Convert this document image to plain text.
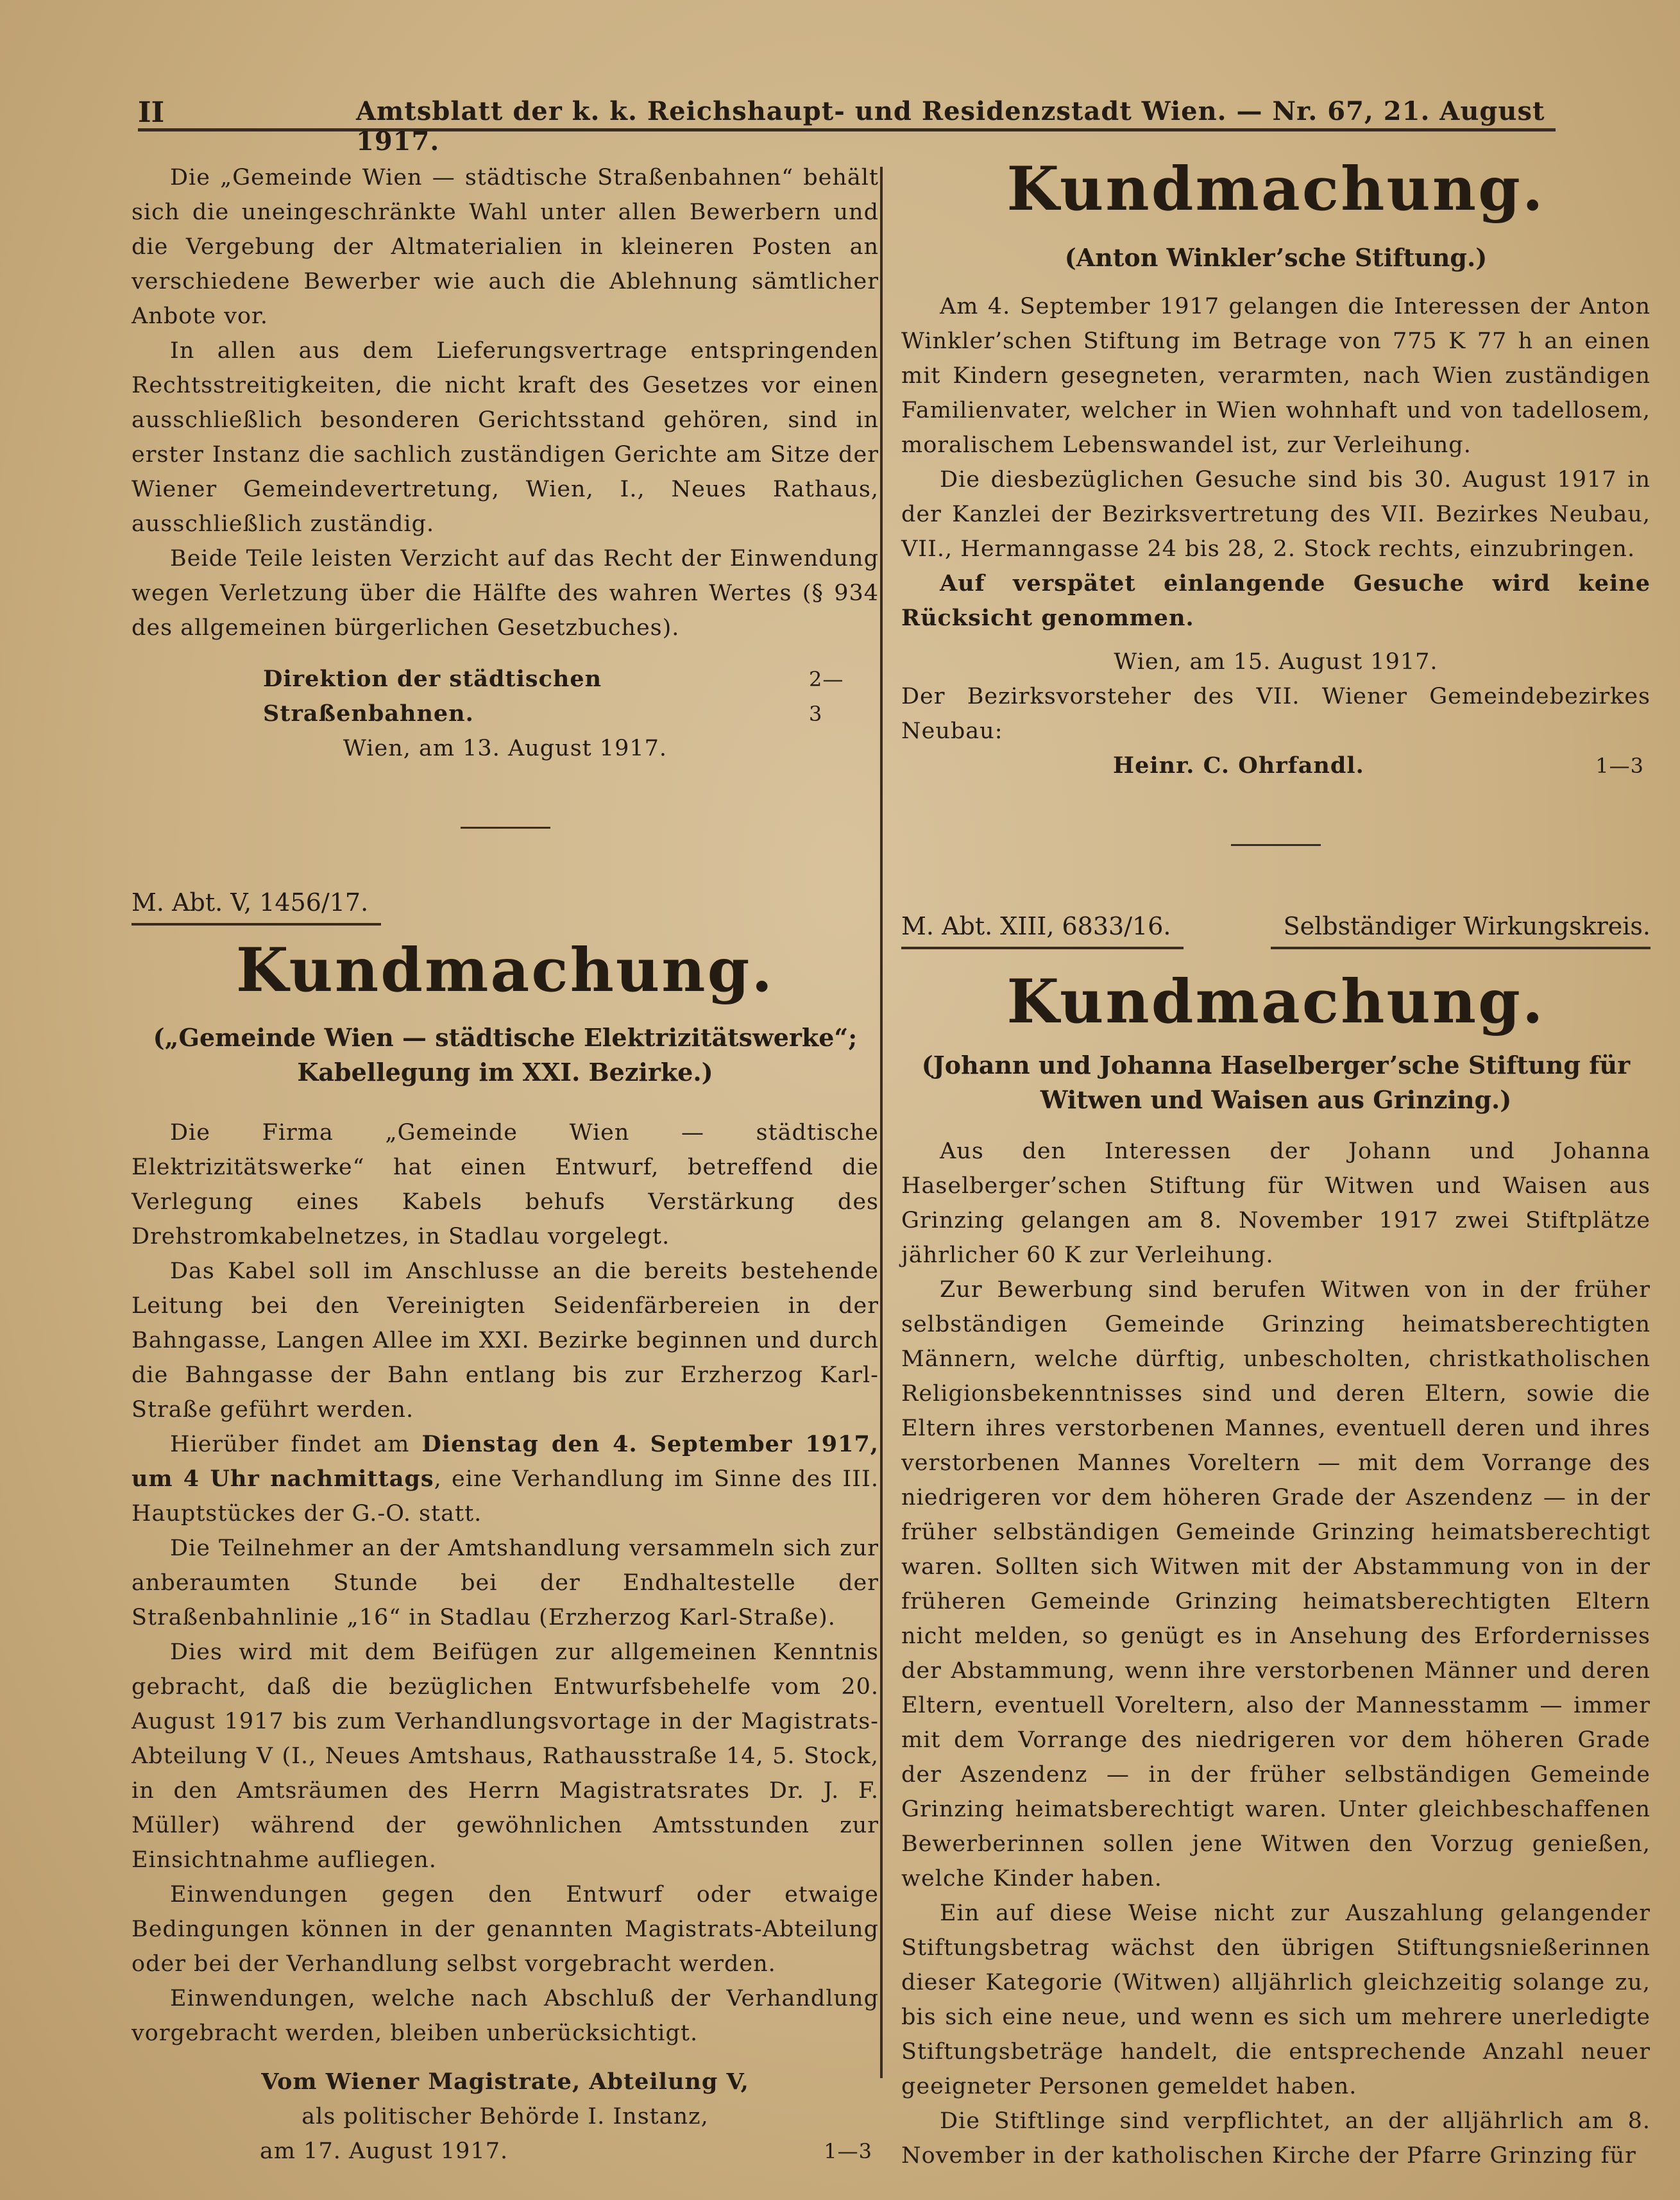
II	Amtsblatt der k. k. Reichshaupt- und Residenzstadt Wien. — Nr. 67, 21. August 1917.

Die „Gemeinde Wien — städtische Straßenbahnen“ behält sich die uneingeschränkte Wahl unter allen Bewerbern und die Vergebung der Altmaterialien in kleineren Posten an verschiedene Bewerber wie auch die Ablehnung sämtlicher Anbote vor.

In allen aus dem Lieferungsvertrage entspringenden Rechtsstreitigkeiten, die nicht kraft des Gesetzes vor einen ausschließlich besonderen Gerichtsstand gehören, sind in erster Instanz die sachlich zuständigen Gerichte am Sitze der Wiener Gemeindevertretung, Wien, I., Neues Rathaus, ausschließlich zuständig.

Beide Teile leisten Verzicht auf das Recht der Einwendung wegen Verletzung über die Hälfte des wahren Wertes (§ 934 des allgemeinen bürgerlichen Gesetzbuches).

Direktion der städtischen Straßenbahnen.
2—3

Wien, am 13. August 1917.

M. Abt. V, 1456/17.
Kundmachung.
(„Gemeinde Wien — städtische Elektrizitätswerke“; Kabellegung im XXI. Bezirke.)

Die Firma „Gemeinde Wien — städtische Elektrizitätswerke“ hat einen Entwurf, betreffend die Verlegung eines Kabels behufs Verstärkung des Drehstromkabelnetzes, in Stadlau vorgelegt.

Das Kabel soll im Anschlusse an die bereits bestehende Leitung bei den Vereinigten Seidenfärbereien in der Bahngasse, Langen Allee im XXI. Bezirke beginnen und durch die Bahngasse der Bahn entlang bis zur Erzherzog Karl-Straße geführt werden.

Hierüber findet am Dienstag den 4. September 1917, um 4 Uhr nachmittags, eine Verhandlung im Sinne des III. Hauptstückes der G.-O. statt.

Die Teilnehmer an der Amtshandlung versammeln sich zur anberaumten Stunde bei der Endhaltestelle der Straßenbahnlinie „16“ in Stadlau (Erzherzog Karl-Straße).

Dies wird mit dem Beifügen zur allgemeinen Kenntnis gebracht, daß die bezüglichen Entwurfsbehelfe vom 20. August 1917 bis zum Verhandlungsvortage in der Magistrats-Abteilung V (I., Neues Amtshaus, Rathausstraße 14, 5. Stock, in den Amtsräumen des Herrn Magistratsrates Dr. J. F. Müller) während der gewöhnlichen Amtsstunden zur Einsichtnahme aufliegen.

Einwendungen gegen den Entwurf oder etwaige Bedingungen können in der genannten Magistrats-Abteilung oder bei der Verhandlung selbst vorgebracht werden.

Einwendungen, welche nach Abschluß der Verhandlung vorgebracht werden, bleiben unberücksichtigt.

Vom Wiener Magistrate, Abteilung V,

als politischer Behörde I. Instanz,

am 17. August 1917.	1—3
Kundmachung.
(Anton Winkler’sche Stiftung.)

Am 4. September 1917 gelangen die Interessen der Anton Winkler’schen Stiftung im Betrage von 775 K 77 h an einen mit Kindern gesegneten, verarmten, nach Wien zuständigen Familienvater, welcher in Wien wohnhaft und von tadellosem, moralischem Lebenswandel ist, zur Verleihung.

Die diesbezüglichen Gesuche sind bis 30. August 1917 in der Kanzlei der Bezirksvertretung des VII. Bezirkes Neubau, VII., Hermanngasse 24 bis 28, 2. Stock rechts, einzubringen.

Auf verspätet einlangende Gesuche wird keine Rücksicht genommen.

Wien, am 15. August 1917.

Der Bezirksvorsteher des VII. Wiener Gemeindebezirkes Neubau:

Heinr. C. Ohrfandl.	1—3
M. Abt. XIII, 6833/16.	Selbständiger Wirkungskreis.
Kundmachung.
(Johann und Johanna Haselberger’sche Stiftung für Witwen und Waisen aus Grinzing.)

Aus den Interessen der Johann und Johanna Haselberger’schen Stiftung für Witwen und Waisen aus Grinzing gelangen am 8. November 1917 zwei Stiftplätze jährlicher 60 K zur Verleihung.

Zur Bewerbung sind berufen Witwen von in der früher selbständigen Gemeinde Grinzing heimatsberechtigten Männern, welche dürftig, unbescholten, christkatholischen Religionsbekenntnisses sind und deren Eltern, sowie die Eltern ihres verstorbenen Mannes, eventuell deren und ihres verstorbenen Mannes Voreltern — mit dem Vorrange des niedrigeren vor dem höheren Grade der Aszendenz — in der früher selbständigen Gemeinde Grinzing heimatsberechtigt waren. Sollten sich Witwen mit der Abstammung von in der früheren Gemeinde Grinzing heimatsberechtigten Eltern nicht melden, so genügt es in Ansehung des Erfordernisses der Abstammung, wenn ihre verstorbenen Männer und deren Eltern, eventuell Voreltern, also der Mannesstamm — immer mit dem Vorrange des niedrigeren vor dem höheren Grade der Aszendenz — in der früher selbständigen Gemeinde Grinzing heimatsberechtigt waren. Unter gleichbeschaffenen Bewerberinnen sollen jene Witwen den Vorzug genießen, welche Kinder haben.

Ein auf diese Weise nicht zur Auszahlung gelangender Stiftungsbetrag wächst den übrigen Stiftungsnießerinnen dieser Kategorie (Witwen) alljährlich gleichzeitig solange zu, bis sich eine neue, und wenn es sich um mehrere unerledigte Stiftungsbeträge handelt, die entsprechende Anzahl neuer geeigneter Personen gemeldet haben.

Die Stiftlinge sind verpflichtet, an der alljährlich am 8. November in der katholischen Kirche der Pfarre Grinzing für
